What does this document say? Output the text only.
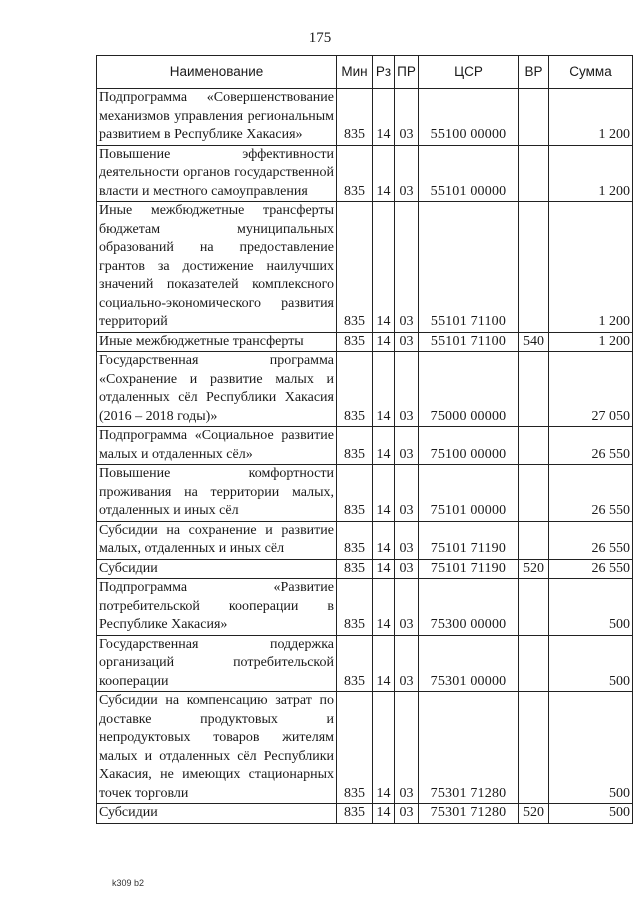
175
Наименование	Мин	Рз	ПР	ЦСР	ВР	Сумма
Подпрограмма «Совершенствование механизмов управления региональным развитием в Республике Хакасия»	835	14	03	55100 00000		1 200
Повышение эффективности деятельности органов государственной власти и местного самоуправления	835	14	03	55101 00000		1 200
Иные межбюджетные трансферты бюджетам муниципальных образований на предоставление грантов за достижение наилучших значений показателей комплексного социально-экономического развития территорий	835	14	03	55101 71100		1 200
Иные межбюджетные трансферты	835	14	03	55101 71100	540	1 200
Государственная программа «Сохранение и развитие малых и отдаленных сёл Республики Хакасия (2016 – 2018 годы)»	835	14	03	75000 00000		27 050
Подпрограмма «Социальное развитие малых и отдаленных сёл»	835	14	03	75100 00000		26 550
Повышение комфортности проживания на территории малых, отдаленных и иных сёл	835	14	03	75101 00000		26 550
Субсидии на сохранение и развитие малых, отдаленных и иных сёл	835	14	03	75101 71190		26 550
Субсидии	835	14	03	75101 71190	520	26 550
Подпрограмма «Развитие потребительской кооперации в Республике Хакасия»	835	14	03	75300 00000		500
Государственная поддержка организаций потребительской кооперации	835	14	03	75301 00000		500
Субсидии на компенсацию затрат по доставке продуктовых и непродуктовых товаров жителям малых и отдаленных сёл Республики Хакасия, не имеющих стационарных точек торговли	835	14	03	75301 71280		500
Субсидии	835	14	03	75301 71280	520	500
k309 b2
